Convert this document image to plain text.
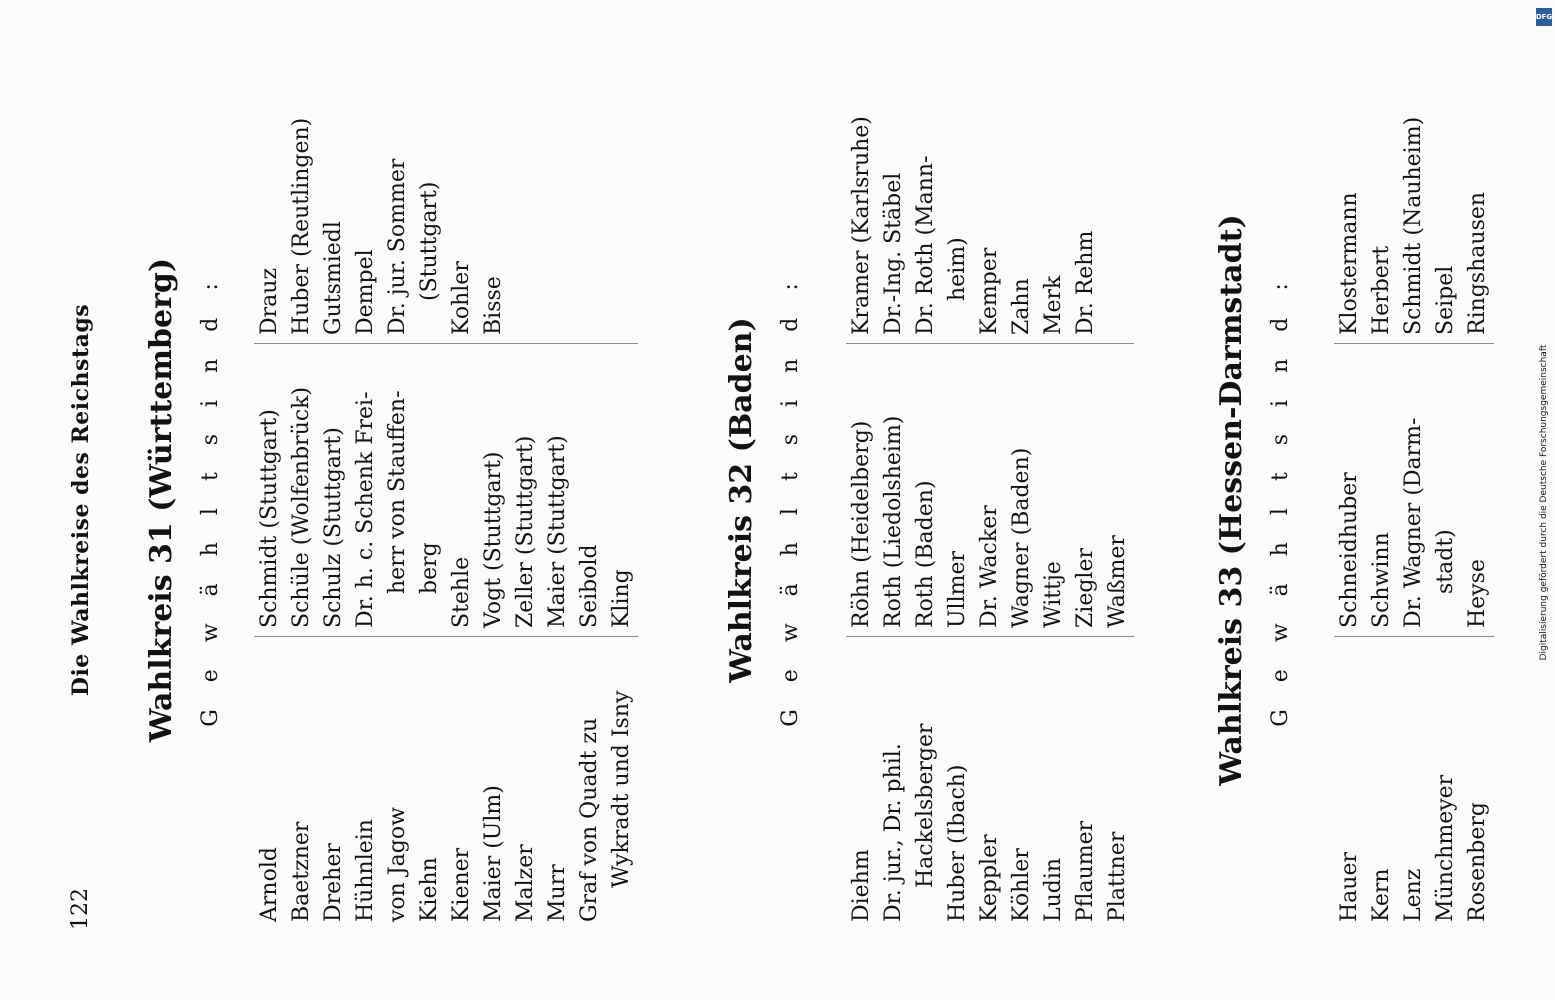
122
Die Wahlkreise des Reichstags Wahlkreis 31 (Württemberg) G e w ä h l t s i n d :
Arnold Baetzner Dreher Hühnlein von Jagow Kiehn Kiener Maier (Ulm) Malzer Murr Graf von Quadt zu Wykradt und Isny
Schmidt (Stuttgart) Schüle (Wolfenbrück) Schulz (Stuttgart) Dr. h. c. Schenk Frei- herr von Stauffen- berg Stehle Vogt (Stuttgart) Zeller (Stuttgart) Maier (Stuttgart) Seibold Kling
Drauz Huber (Reutlingen) Gutsmiedl Dempel Dr. jur. Sommer (Stuttgart) Kohler Bisse
Wahlkreis 32 (Baden) G e w ä h l t s i n d :
Diehm Dr. jur., Dr. phil. Hackelsberger Huber (Ibach) Keppler Köhler Ludin Pflaumer Plattner
Röhn (Heidelberg) Roth (Liedolsheim) Roth (Baden) Ullmer Dr. Wacker Wagner (Baden) Wittje Ziegler Waßmer
Kramer (Karlsruhe) Dr.-Ing. Stäbel Dr. Roth (Mann- heim) Kemper Zahn Merk Dr. Rehm	Wahlkreis 33 (Hessen-Darmstadt) G e w ä h l t s i n d :
Hauer Kern Lenz Münchmeyer Rosenberg
Schneidhuber Schwinn Dr. Wagner (Darm- stadt) Heyse
Klostermann Herbert Schmidt (Nauheim) Seipel Ringshausen
DFG
Digitalisierung gefördert durch die Deutsche Forschungsgemeinschaft
